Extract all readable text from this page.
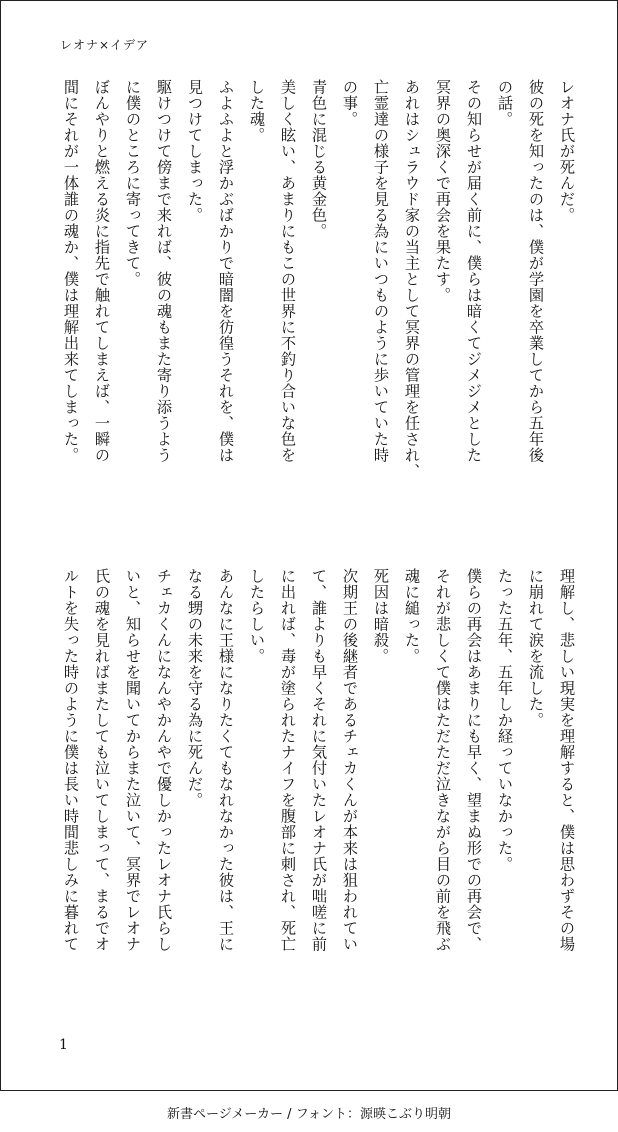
レオナ×イデア
レオナ氏が死んだ。
彼の死を知ったのは、僕が学園を卒業してから五年後
の話。
その知らせが届く前に、僕らは暗くてジメジメとした
冥界の奥深くで再会を果たす。
あれはシュラウド家の当主として冥界の管理を任され、
亡霊達の様子を見る為にいつものように歩いていた時
の事。
青色に混じる黄金色。
美しく眩い、あまりにもこの世界に不釣り合いな色を
した魂。
ふよふよと浮かぶばかりで暗闇を彷徨うそれを、僕は
見つけてしまった。
駆けつけて傍まで来れば、彼の魂もまた寄り添うよう
に僕のところに寄ってきて。
ぼんやりと燃える炎に指先で触れてしまえば、一瞬の
間にそれが一体誰の魂か、僕は理解出来てしまった。
理解し、悲しい現実を理解すると、僕は思わずその場
に崩れて涙を流した。
たった五年、五年しか経っていなかった。
僕らの再会はあまりにも早く、望まぬ形での再会で、
それが悲しくて僕はただただ泣きながら目の前を飛ぶ
魂に縋った。
死因は暗殺。
次期王の後継者であるチェカくんが本来は狙われてい
て、誰よりも早くそれに気付いたレオナ氏が咄嗟に前
に出れば、毒が塗られたナイフを腹部に刺され、死亡
したらしい。
あんなに王様になりたくてもなれなかった彼は、王に
なる甥の未来を守る為に死んだ。
チェカくんになんやかんやで優しかったレオナ氏らし
いと、知らせを聞いてからまた泣いて、冥界でレオナ
氏の魂を見ればまたしても泣いてしまって、まるでオ
ルトを失った時のように僕は長い時間悲しみに暮れて
1
新書ページメーカー / フォント：源暎こぶり明朝
